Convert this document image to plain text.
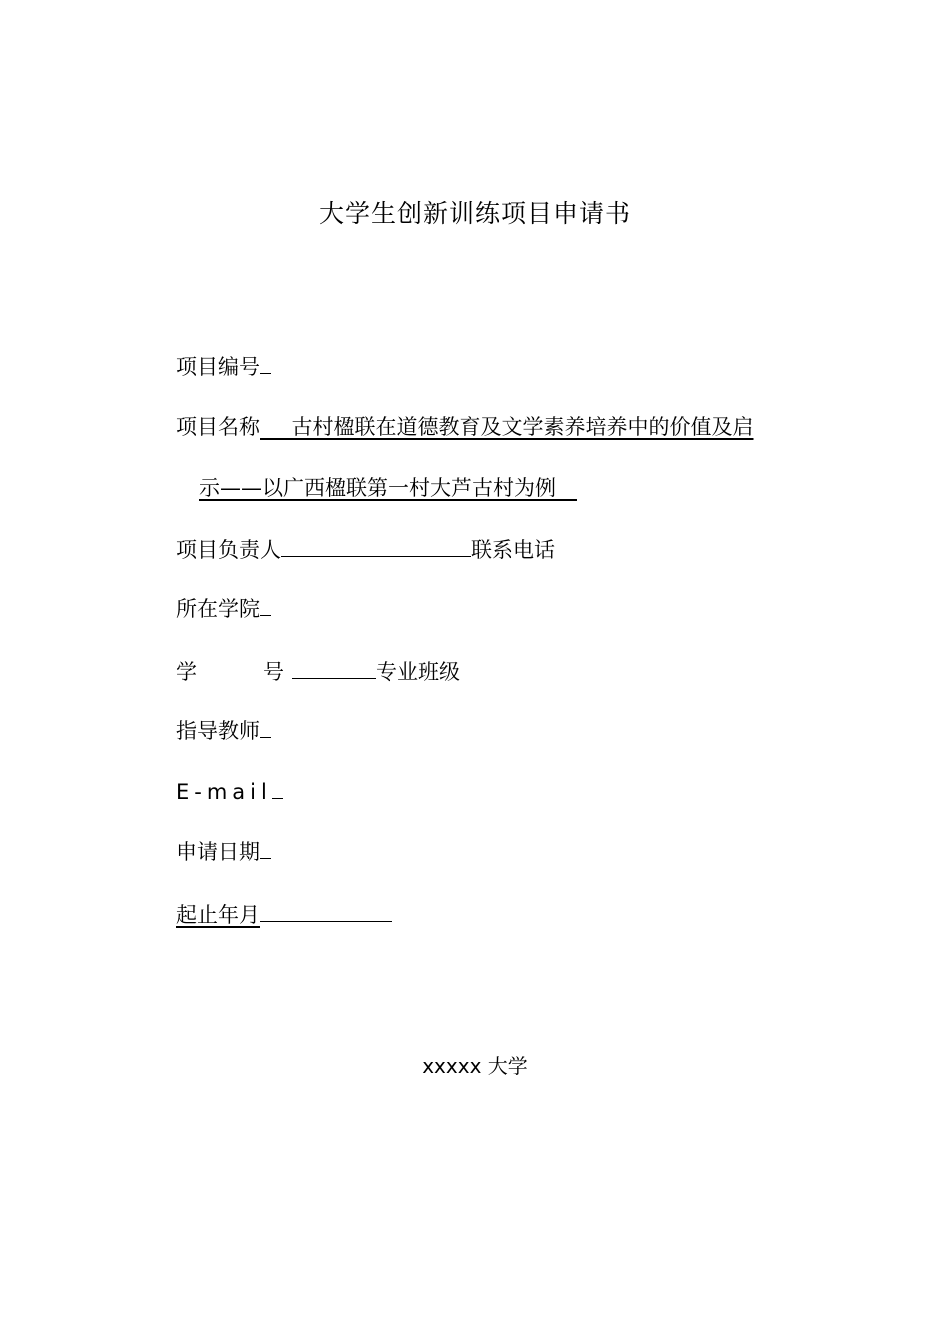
大学生创新训练项目申请书
项目编号
项目名称　  古村楹联在道德教育及文学素养培养中的价值及启
示——以广西楹联第一村大芦古村为例　
项目负责人	联系电话
所在学院
学　　号	专业班级
指导教师
E-mail
申请日期
起止年月
xxxxx 大学
